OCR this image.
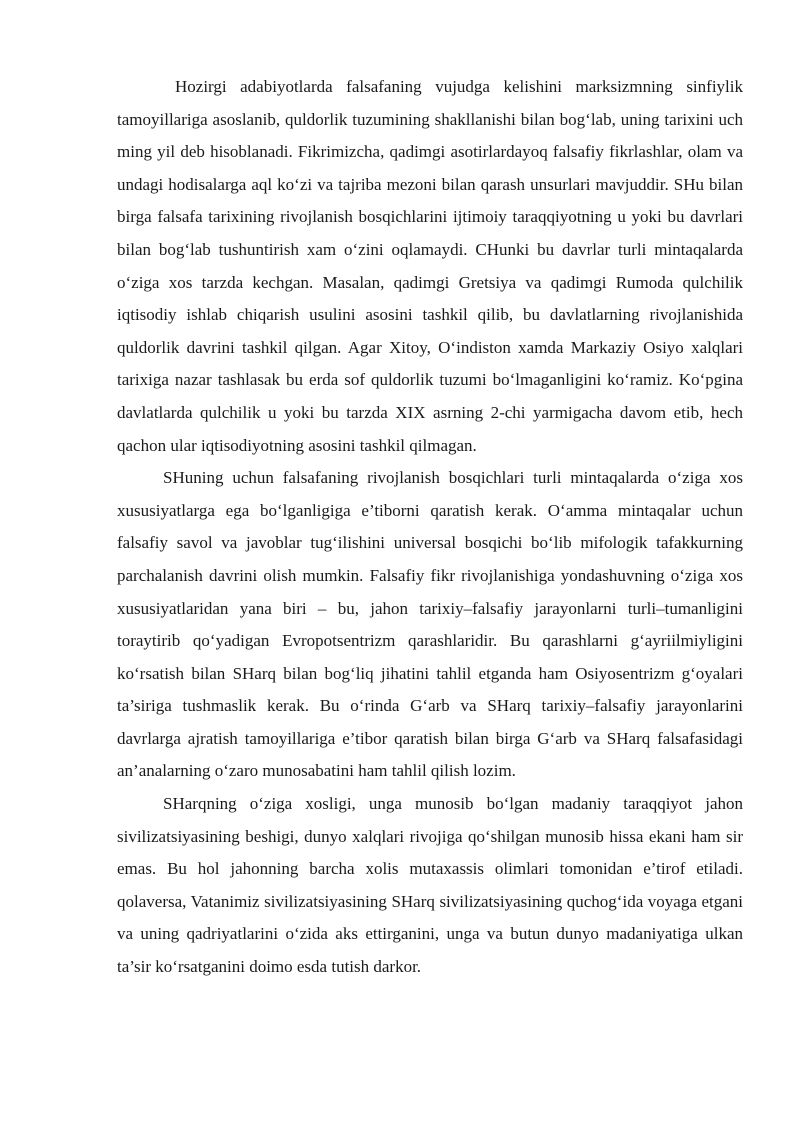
Hozirgi adabiyotlarda falsafaning vujudga kelishini marksizmning sinfiylik tamoyillariga asoslanib, quldorlik tuzumining shakllanishi bilan bog‘lab, uning tarixini uch ming yil deb hisoblanadi. Fikrimizcha, qadimgi asotirlardayoq falsafiy fikrlashlar, olam va undagi hodisalarga aql ko‘zi va tajriba mezoni bilan qarash unsurlari mavjuddir. SHu bilan birga falsafa tarixining rivojlanish bosqichlarini ijtimoiy taraqqiyotning u yoki bu davrlari bilan bog‘lab tushuntirish xam o‘zini oqlamaydi. CHunki bu davrlar turli mintaqalarda o‘ziga xos tarzda kechgan. Masalan, qadimgi Gretsiya va qadimgi Rumoda qulchilik iqtisodiy ishlab chiqarish usulini asosini tashkil qilib, bu davlatlarning rivojlanishida quldorlik davrini tashkil qilgan. Agar Xitoy, O‘indiston xamda Markaziy Osiyo xalqlari tarixiga nazar tashlasak bu erda sof quldorlik tuzumi bo‘lmaganligini ko‘ramiz. Ko‘pgina davlatlarda qulchilik u yoki bu tarzda XIX asrning 2-chi yarmigacha davom etib, hech qachon ular iqtisodiyotning asosini tashkil qilmagan.

SHuning uchun falsafaning rivojlanish bosqichlari turli mintaqalarda o‘ziga xos xususiyatlarga ega bo‘lganligiga e’tiborni qaratish kerak. O‘amma mintaqalar uchun falsafiy savol va javoblar tug‘ilishini universal bosqichi bo‘lib mifologik tafakkurning parchalanish davrini olish mumkin. Falsafiy fikr rivojlanishiga yondashuvning o‘ziga xos xususiyatlaridan yana biri – bu, jahon tarixiy–falsafiy jarayonlarni turli–tumanligini toraytirib qo‘yadigan Evropotsentrizm qarashlaridir. Bu qarashlarni g‘ayriilmiyligini ko‘rsatish bilan SHarq bilan bog‘liq jihatini tahlil etganda ham Osiyosentrizm g‘oyalari ta’siriga tushmaslik kerak. Bu o‘rinda G‘arb va SHarq tarixiy–falsafiy jarayonlarini davrlarga ajratish tamoyillariga e’tibor qaratish bilan birga G‘arb va SHarq falsafasidagi an’analarning o‘zaro munosabatini ham tahlil qilish lozim.

SHarqning o‘ziga xosligi, unga munosib bo‘lgan madaniy taraqqiyot jahon sivilizatsiyasining beshigi, dunyo xalqlari rivojiga qo‘shilgan munosib hissa ekani ham sir emas. Bu hol jahonning barcha xolis mutaxassis olimlari tomonidan e’tirof etiladi. qolaversa, Vatanimiz sivilizatsiyasining SHarq sivilizatsiyasining quchog‘ida voyaga etgani va uning qadriyatlarini o‘zida aks ettirganini, unga va butun dunyo madaniyatiga ulkan ta’sir ko‘rsatganini doimo esda tutish darkor.
